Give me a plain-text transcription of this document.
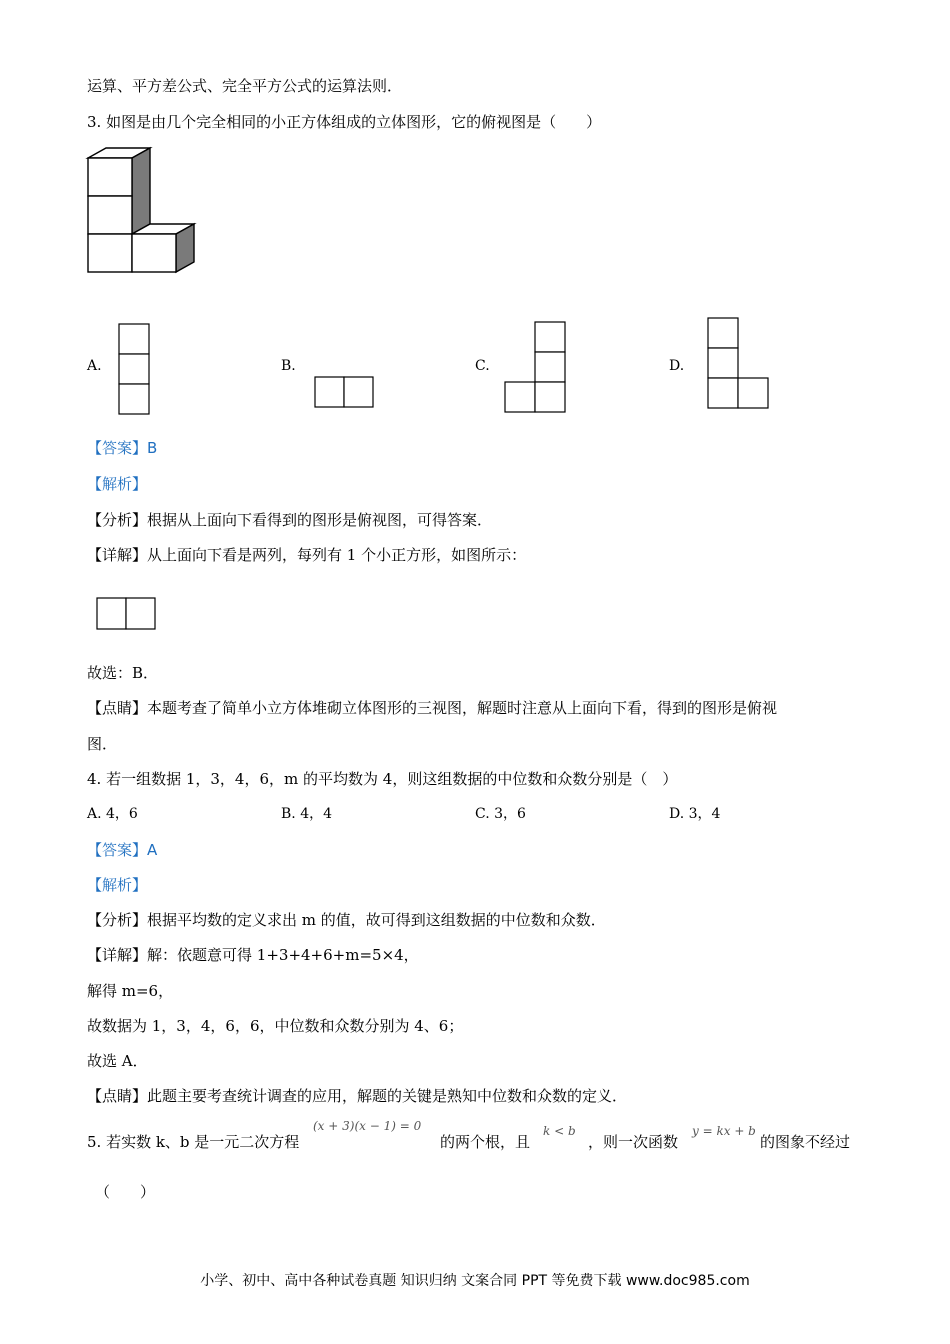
运算、平方差公式、完全平方公式的运算法则．
3. 如图是由几个完全相同的小正方体组成的立体图形，它的俯视图是（　　）
A.	B.	C.	D.
【答案】B
【解析】
【分析】根据从上面向下看得到的图形是俯视图，可得答案．
【详解】从上面向下看是两列，每列有 1 个小正方形，如图所示：
故选：B．
【点睛】本题考查了简单小立方体堆砌立体图形的三视图，解题时注意从上面向下看，得到的图形是俯视
图．
4. 若一组数据 1，3，4，6，m 的平均数为 4，则这组数据的中位数和众数分别是（　）
A. 4，6	B. 4，4	C. 3，6	D. 3，4
【答案】A
【解析】
【分析】根据平均数的定义求出 m 的值，故可得到这组数据的中位数和众数．
【详解】解：依题意可得 1+3+4+6+m=5×4，
解得 m=6，
故数据为 1，3，4，6，6，中位数和众数分别为 4、6；
故选 A．
【点睛】此题主要考查统计调查的应用，解题的关键是熟知中位数和众数的定义．
5. 若实数 k、b 是一元二次方程
(x + 3)(x − 1) = 0
的两个根，且
k < b
，则一次函数
y = kx + b
的图象不经过
（　　）
小学、初中、高中各种试卷真题 知识归纳 文案合同 PPT 等免费下载 www.doc985.com
